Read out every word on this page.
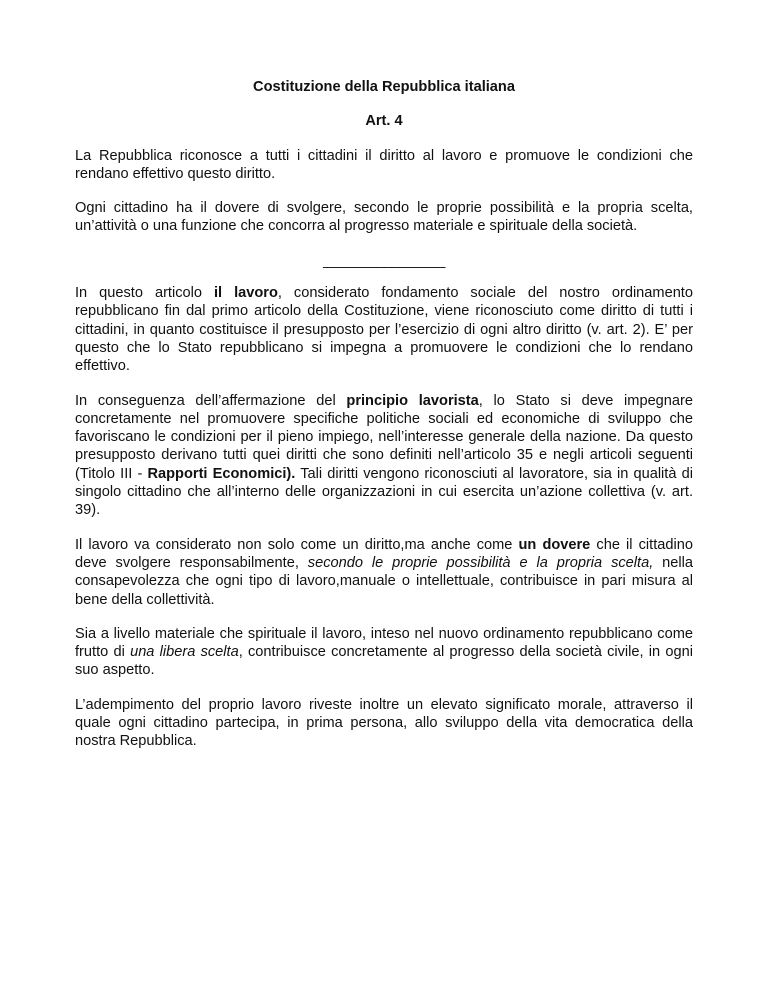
Costituzione della Repubblica italiana
Art. 4

La Repubblica riconosce a tutti i cittadini il diritto al lavoro e promuove le condizioni che rendano effettivo questo diritto.

Ogni cittadino ha il dovere di svolgere, secondo le proprie possibilità e la propria scelta, un’attività o una funzione che concorra al progresso materiale e spirituale della società.

________________

In questo articolo il lavoro, considerato fondamento sociale del nostro ordinamento repubblicano fin dal primo articolo della Costituzione, viene riconosciuto come diritto di tutti i cittadini, in quanto costituisce il presupposto per l’esercizio di ogni altro diritto (v. art. 2). E’ per questo che lo Stato repubblicano si impegna a promuovere le condizioni che lo rendano effettivo.

In conseguenza dell’affermazione del principio lavorista, lo Stato si deve impegnare concretamente nel promuovere specifiche politiche sociali ed economiche di sviluppo che favoriscano le condizioni per il pieno impiego, nell’interesse generale della nazione. Da questo presupposto derivano tutti quei diritti che sono definiti nell’articolo 35 e negli articoli seguenti (Titolo III - Rapporti Economici). Tali diritti vengono riconosciuti al lavoratore, sia in qualità di singolo cittadino che all’interno delle organizzazioni in cui esercita un’azione collettiva (v. art. 39).

Il lavoro va considerato non solo come un diritto,ma anche come un dovere che il cittadino deve svolgere responsabilmente, secondo le proprie possibilità e la propria scelta, nella consapevolezza che ogni tipo di lavoro,manuale o intellettuale, contribuisce in pari misura al bene della collettività.

Sia a livello materiale che spirituale il lavoro, inteso nel nuovo ordinamento repubblicano come frutto di una libera scelta, contribuisce concretamente al progresso della società civile, in ogni suo aspetto.

L’adempimento del proprio lavoro riveste inoltre un elevato significato morale, attraverso il quale ogni cittadino partecipa, in prima persona, allo sviluppo della vita democratica della nostra Repubblica.
